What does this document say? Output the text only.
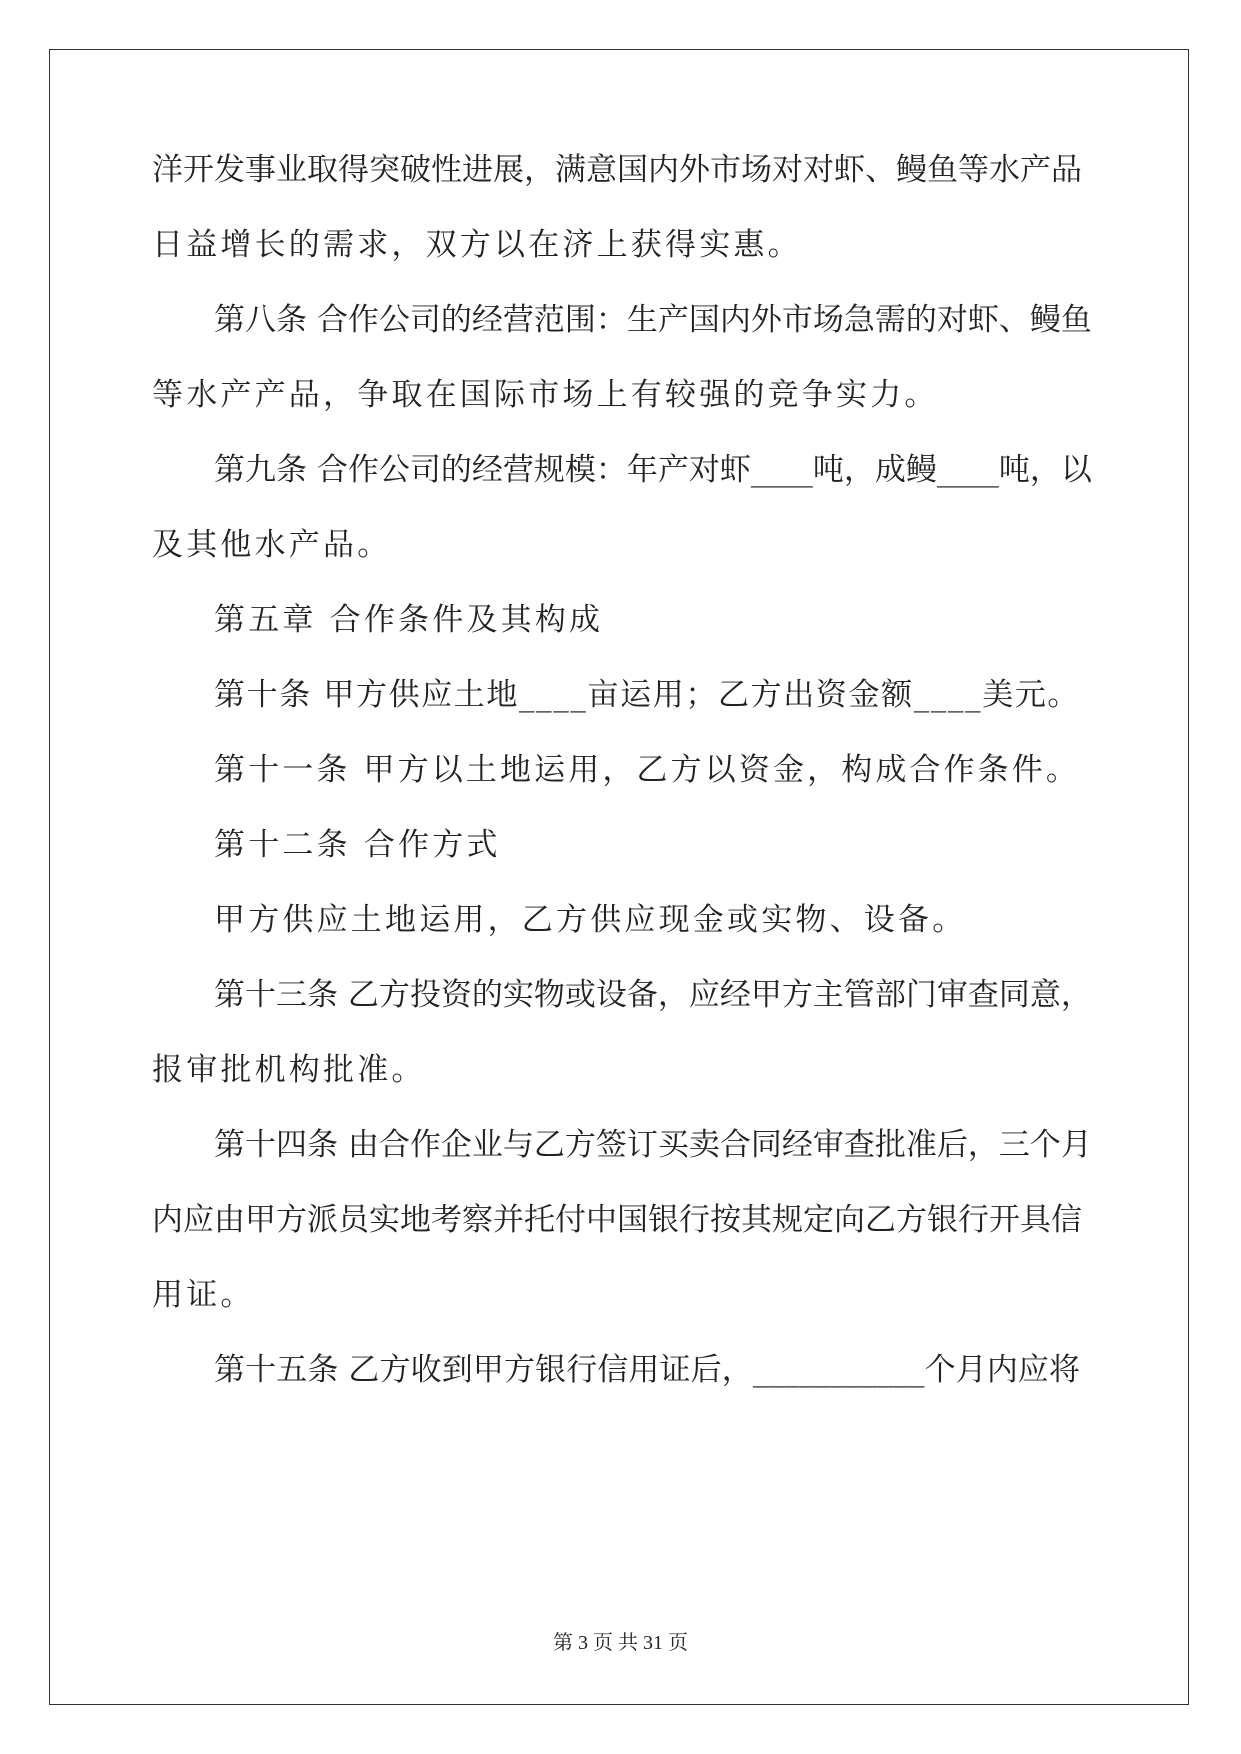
洋开发事业取得突破性进展，满意国内外市场对对虾、鳗鱼等水产品
日益增长的需求，双方以在济上获得实惠。
第八条 合作公司的经营范围：生产国内外市场急需的对虾、鳗鱼
等水产产品，争取在国际市场上有较强的竞争实力。
第九条 合作公司的经营规模：年产对虾____吨，成鳗____吨，以
及其他水产品。
第五章 合作条件及其构成
第十条 甲方供应土地____亩运用；乙方出资金额____美元。
第十一条 甲方以土地运用，乙方以资金，构成合作条件。
第十二条 合作方式
甲方供应土地运用，乙方供应现金或实物、设备。
第十三条 乙方投资的实物或设备，应经甲方主管部门审查同意，
报审批机构批准。
第十四条 由合作企业与乙方签订买卖合同经审查批准后，三个月
内应由甲方派员实地考察并托付中国银行按其规定向乙方银行开具信
用证。
第十五条 乙方收到甲方银行信用证后，___________个月内应将
第 3 页 共 31 页
